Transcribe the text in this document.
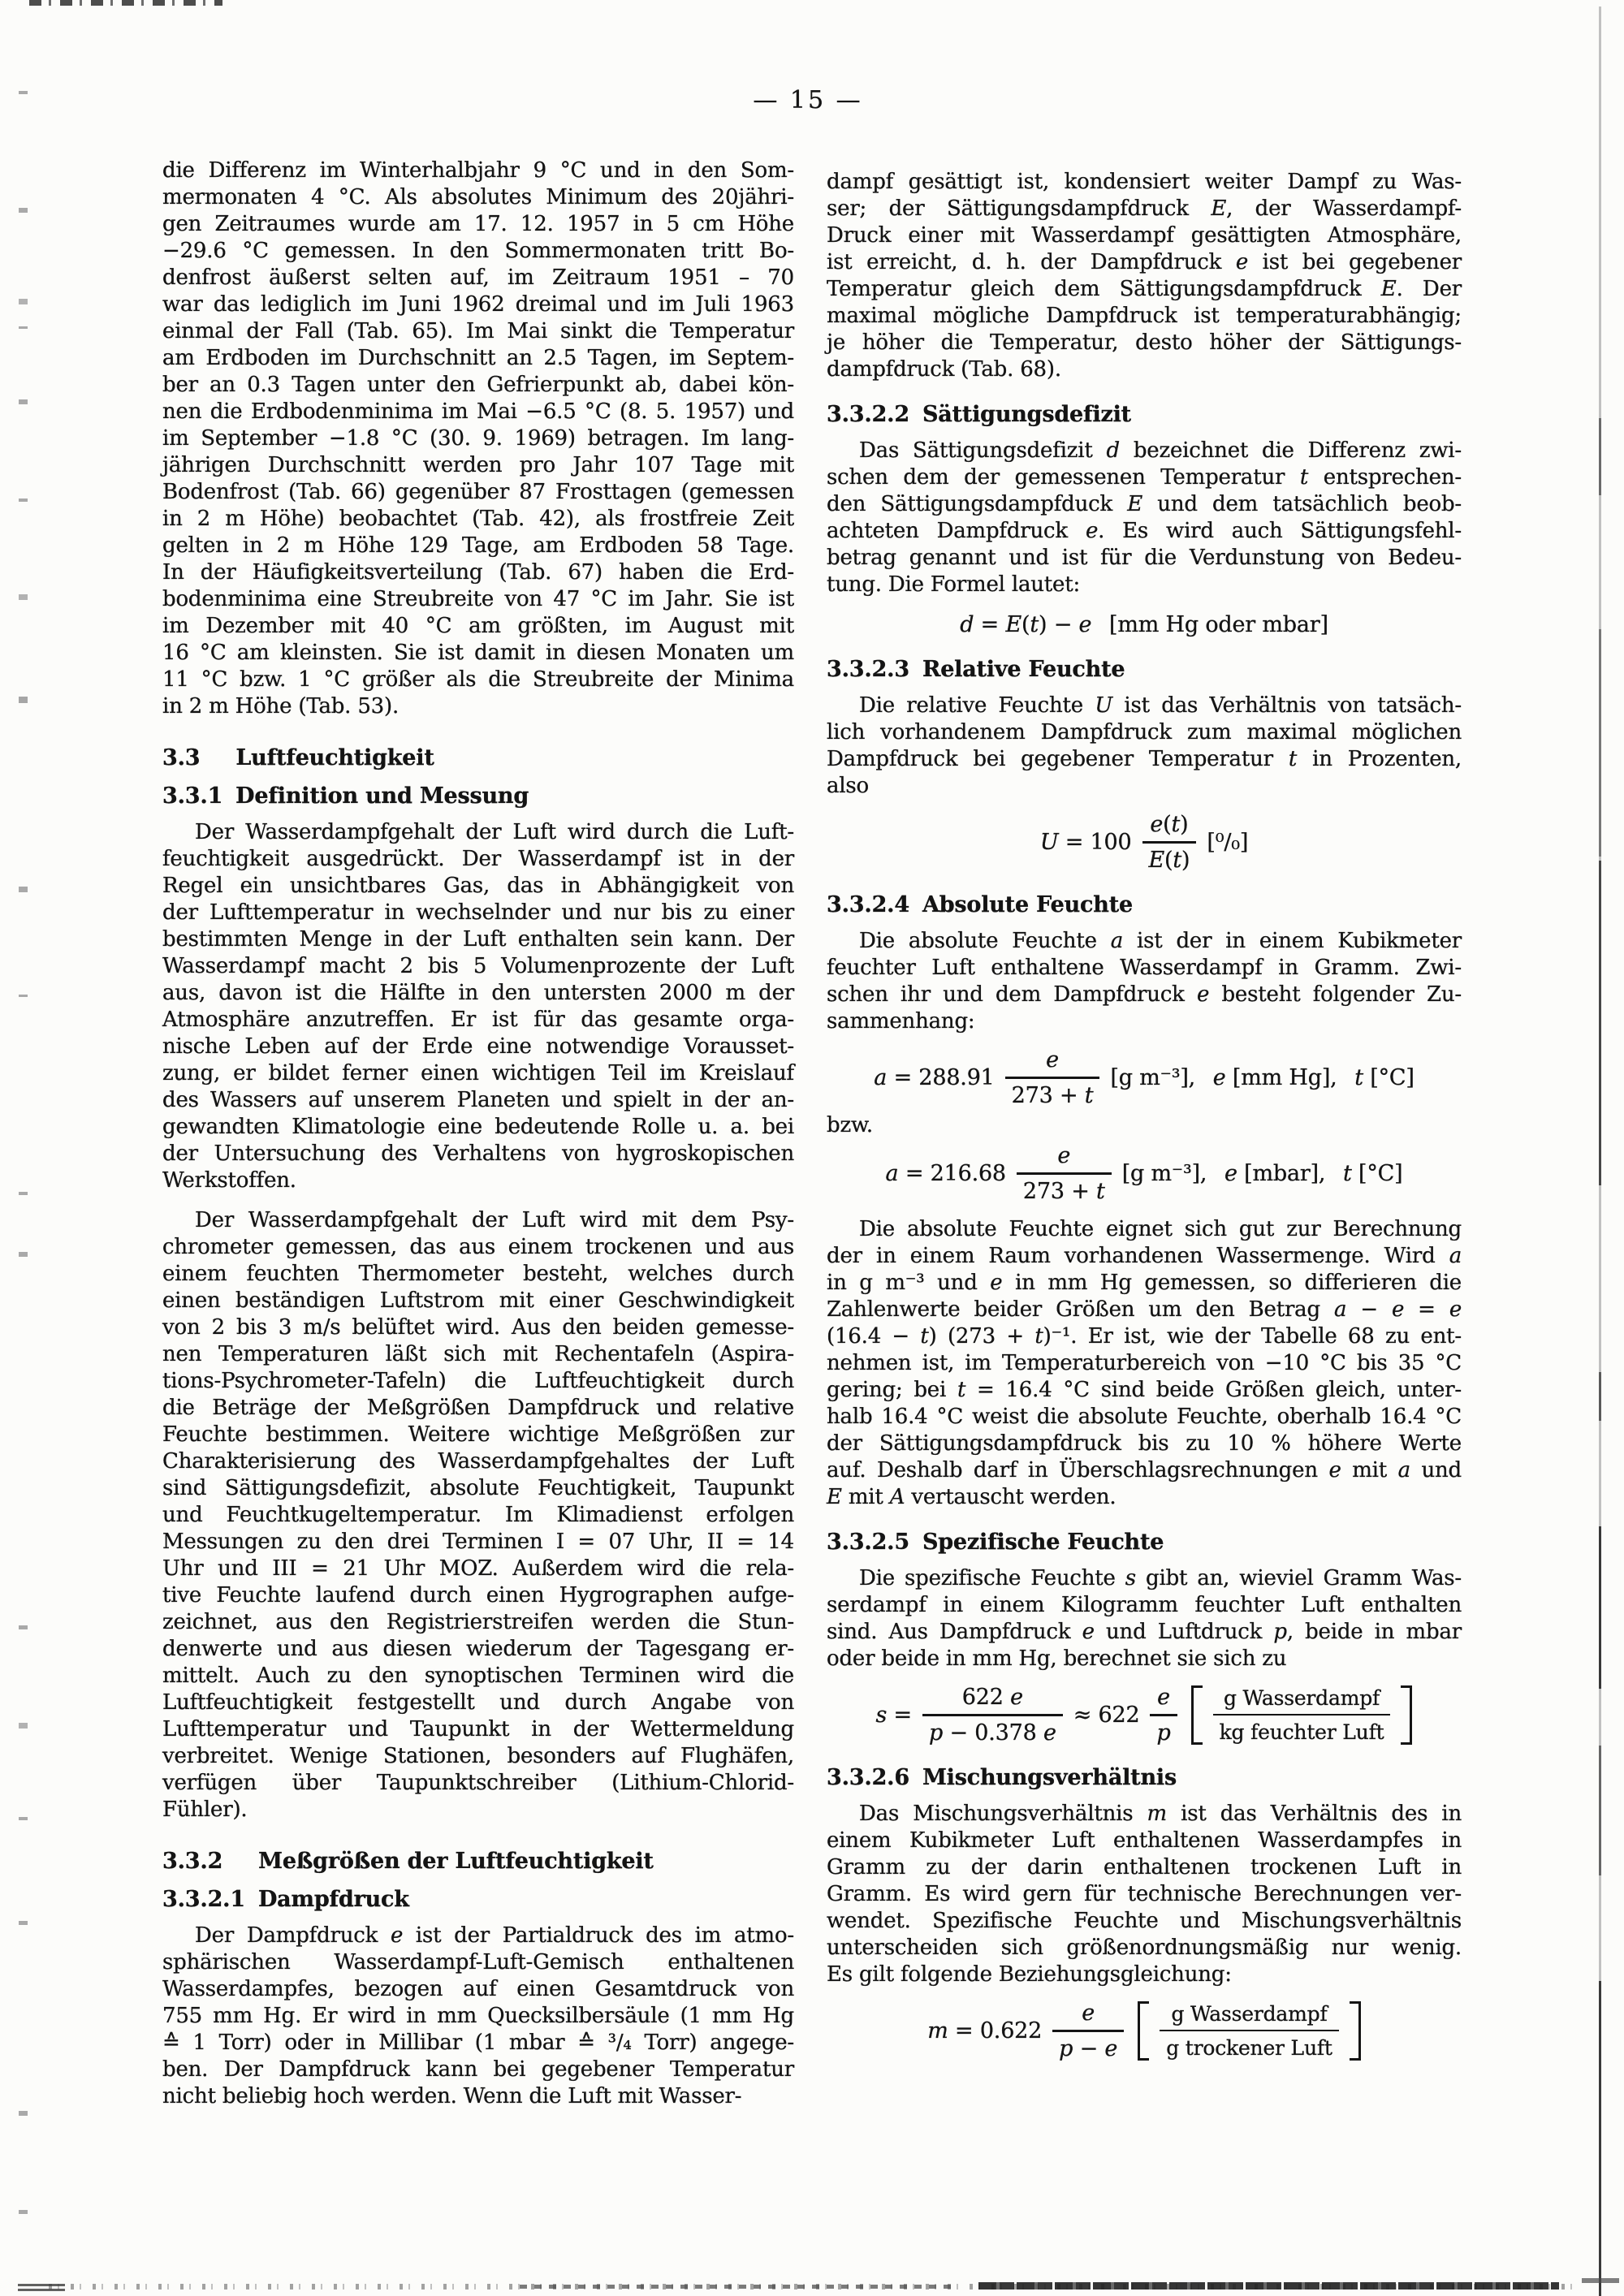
— 15 —
die Differenz im Winterhalbjahr 9 °C und in den Som-
mermonaten 4 °C. Als absolutes Minimum des 20jähri-
gen Zeitraumes wurde am 17. 12. 1957 in 5 cm Höhe
−29.6 °C gemessen. In den Sommermonaten tritt Bo-
denfrost äußerst selten auf, im Zeitraum 1951 – 70
war das lediglich im Juni 1962 dreimal und im Juli 1963
einmal der Fall (Tab. 65). Im Mai sinkt die Temperatur
am Erdboden im Durchschnitt an 2.5 Tagen, im Septem-
ber an 0.3 Tagen unter den Gefrierpunkt ab, dabei kön-
nen die Erdbodenminima im Mai −6.5 °C (8. 5. 1957) und
im September −1.8 °C (30. 9. 1969) betragen. Im lang-
jährigen Durchschnitt werden pro Jahr 107 Tage mit
Bodenfrost (Tab. 66) gegenüber 87 Frosttagen (gemessen
in 2 m Höhe) beobachtet (Tab. 42), als frostfreie Zeit
gelten in 2 m Höhe 129 Tage, am Erdboden 58 Tage.
In der Häufigkeitsverteilung (Tab. 67) haben die Erd-
bodenminima eine Streubreite von 47 °C im Jahr. Sie ist
im Dezember mit 40 °C am größten, im August mit
16 °C am kleinsten. Sie ist damit in diesen Monaten um
11 °C bzw. 1 °C größer als die Streubreite der Minima
in 2 m Höhe (Tab. 53).
3.3 Luftfeuchtigkeit
3.3.1 Definition und Messung
Der Wasserdampfgehalt der Luft wird durch die Luft-
feuchtigkeit ausgedrückt. Der Wasserdampf ist in der
Regel ein unsichtbares Gas, das in Abhängigkeit von
der Lufttemperatur in wechselnder und nur bis zu einer
bestimmten Menge in der Luft enthalten sein kann. Der
Wasserdampf macht 2 bis 5 Volumenprozente der Luft
aus, davon ist die Hälfte in den untersten 2000 m der
Atmosphäre anzutreffen. Er ist für das gesamte orga-
nische Leben auf der Erde eine notwendige Vorausset-
zung, er bildet ferner einen wichtigen Teil im Kreislauf
des Wassers auf unserem Planeten und spielt in der an-
gewandten Klimatologie eine bedeutende Rolle u. a. bei
der Untersuchung des Verhaltens von hygroskopischen
Werkstoffen.
Der Wasserdampfgehalt der Luft wird mit dem Psy-
chrometer gemessen, das aus einem trockenen und aus
einem feuchten Thermometer besteht, welches durch
einen beständigen Luftstrom mit einer Geschwindigkeit
von 2 bis 3 m/s belüftet wird. Aus den beiden gemesse-
nen Temperaturen läßt sich mit Rechentafeln (Aspira-
tions-Psychrometer-Tafeln) die Luftfeuchtigkeit durch
die Beträge der Meßgrößen Dampfdruck und relative
Feuchte bestimmen. Weitere wichtige Meßgrößen zur
Charakterisierung des Wasserdampfgehaltes der Luft
sind Sättigungsdefizit, absolute Feuchtigkeit, Taupunkt
und Feuchtkugeltemperatur. Im Klimadienst erfolgen
Messungen zu den drei Terminen I = 07 Uhr, II = 14
Uhr und III = 21 Uhr MOZ. Außerdem wird die rela-
tive Feuchte laufend durch einen Hygrographen aufge-
zeichnet, aus den Registrierstreifen werden die Stun-
denwerte und aus diesen wiederum der Tagesgang er-
mittelt. Auch zu den synoptischen Terminen wird die
Luftfeuchtigkeit festgestellt und durch Angabe von
Lufttemperatur und Taupunkt in der Wettermeldung
verbreitet. Wenige Stationen, besonders auf Flughäfen,
verfügen über Taupunktschreiber (Lithium-Chlorid-
Fühler).
3.3.2 Meßgrößen der Luftfeuchtigkeit
3.3.2.1 Dampfdruck
Der Dampfdruck e ist der Partialdruck des im atmo-
sphärischen Wasserdampf-Luft-Gemisch enthaltenen
Wasserdampfes, bezogen auf einen Gesamtdruck von
755 mm Hg. Er wird in mm Quecksilbersäule (1 mm Hg
≙ 1 Torr) oder in Millibar (1 mbar ≙ ³/₄ Torr) angege-
ben. Der Dampfdruck kann bei gegebener Temperatur
nicht beliebig hoch werden. Wenn die Luft mit Wasser-
dampf gesättigt ist, kondensiert weiter Dampf zu Was-
ser; der Sättigungsdampfdruck E, der Wasserdampf-
Druck einer mit Wasserdampf gesättigten Atmosphäre,
ist erreicht, d. h. der Dampfdruck e ist bei gegebener
Temperatur gleich dem Sättigungsdampfdruck E. Der
maximal mögliche Dampfdruck ist temperaturabhängig;
je höher die Temperatur, desto höher der Sättigungs-
dampfdruck (Tab. 68).
3.3.2.2 Sättigungsdefizit
Das Sättigungsdefizit d bezeichnet die Differenz zwi-
schen dem der gemessenen Temperatur t entsprechen-
den Sättigungsdampfduck E und dem tatsächlich beob-
achteten Dampfdruck e. Es wird auch Sättigungsfehl-
betrag genannt und ist für die Verdunstung von Bedeu-
tung. Die Formel lautet:
d = E(t) − e  [mm Hg oder mbar]
3.3.2.3 Relative Feuchte
Die relative Feuchte U ist das Verhältnis von tatsäch-
lich vorhandenem Dampfdruck zum maximal möglichen
Dampfdruck bei gegebener Temperatur t in Prozenten,
also
$U = 100 \frac{e(t)}{E(t)} [^0/_0]$
3.3.2.4 Absolute Feuchte
Die absolute Feuchte a ist der in einem Kubikmeter
feuchter Luft enthaltene Wasserdampf in Gramm. Zwi-
schen ihr und dem Dampfdruck e besteht folgender Zu-
sammenhang:
$a = 288.91 \frac{e}{273 + t} [g$ m⁻³],  e [mm Hg],  t [°C]
bzw.
$a = 216.68 \frac{e}{273 + t} [g$ m⁻³],  e [mbar],  t [°C]
Die absolute Feuchte eignet sich gut zur Berechnung
der in einem Raum vorhandenen Wassermenge. Wird a
in g m⁻³ und e in mm Hg gemessen, so differieren die
Zahlenwerte beider Größen um den Betrag a − e = e
(16.4 − t) (273 + t)⁻¹. Er ist, wie der Tabelle 68 zu ent-
nehmen ist, im Temperaturbereich von −10 °C bis 35 °C
gering; bei t = 16.4 °C sind beide Größen gleich, unter-
halb 16.4 °C weist die absolute Feuchte, oberhalb 16.4 °C
der Sättigungsdampfdruck bis zu 10 % höhere Werte
auf. Deshalb darf in Überschlagsrechnungen e mit a und
E mit A vertauscht werden.
3.3.2.5 Spezifische Feuchte
Die spezifische Feuchte s gibt an, wieviel Gramm Was-
serdampf in einem Kilogramm feuchter Luft enthalten
sind. Aus Dampfdruck e und Luftdruck p, beide in mbar
oder beide in mm Hg, berechnet sie sich zu
$s = \frac{622 e}{p - 0.378 e} \approx 622 \frac{e}{p} \frac{\text{g Wasserdampf}}{\text{kg feuchter Luft}}$
3.3.2.6 Mischungsverhältnis
Das Mischungsverhältnis m ist das Verhältnis des in
einem Kubikmeter Luft enthaltenen Wasserdampfes in
Gramm zu der darin enthaltenen trockenen Luft in
Gramm. Es wird gern für technische Berechnungen ver-
wendet. Spezifische Feuchte und Mischungsverhältnis
unterscheiden sich größenordnungsmäßig nur wenig.
Es gilt folgende Beziehungsgleichung:
$m = 0.622 \frac{e}{p - e} \frac{\text{g Wasserdampf}}{\text{g trockener Luft}}$
